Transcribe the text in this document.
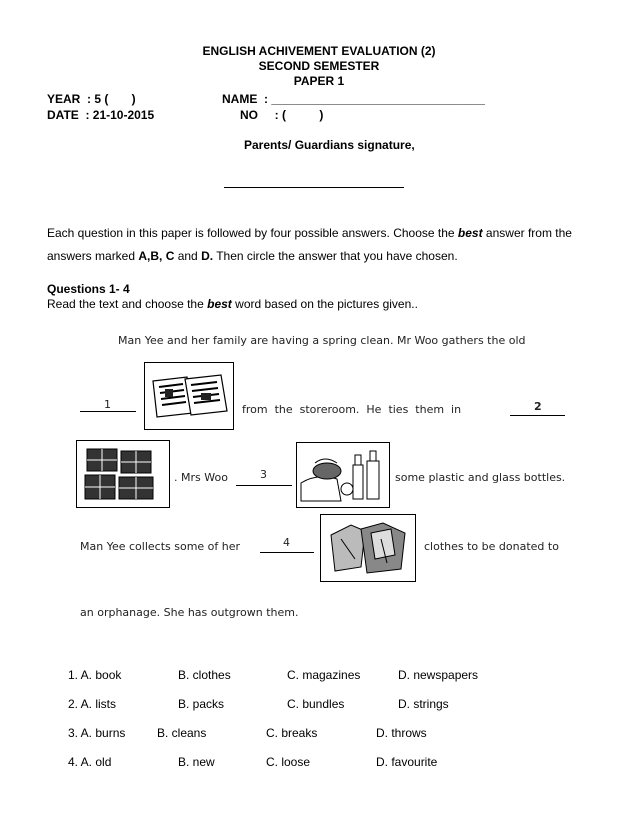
ENGLISH ACHIVEMENT EVALUATION (2)
SECOND SEMESTER
PAPER 1
YEAR  : 5 (       )
DATE  : 21-10-2015
NAME  : ________________________________
NO     : (          )
Parents/ Guardians signature,
Each question in this paper is followed by four possible answers. Choose the best answer from the
answers marked A,B, C and D. Then circle the answer that you have chosen.
Questions 1- 4
Read the text and choose the best word based on the pictures given..
Man Yee and her family are having a spring clean. Mr Woo gathers the old
1	from  the  storeroom.  He  ties  them  in	2
. Mrs Woo	3	some plastic and glass bottles.
Man Yee collects some of her	4	clothes to be donated to
an orphanage. She has outgrown them.
1. A. book	B. clothes	C. magazines	D. newspapers
2. A. lists	B. packs	C. bundles	D. strings
3. A. burns	B. cleans	C. breaks	D. throws
4. A. old	B. new	C. loose	D. favourite
